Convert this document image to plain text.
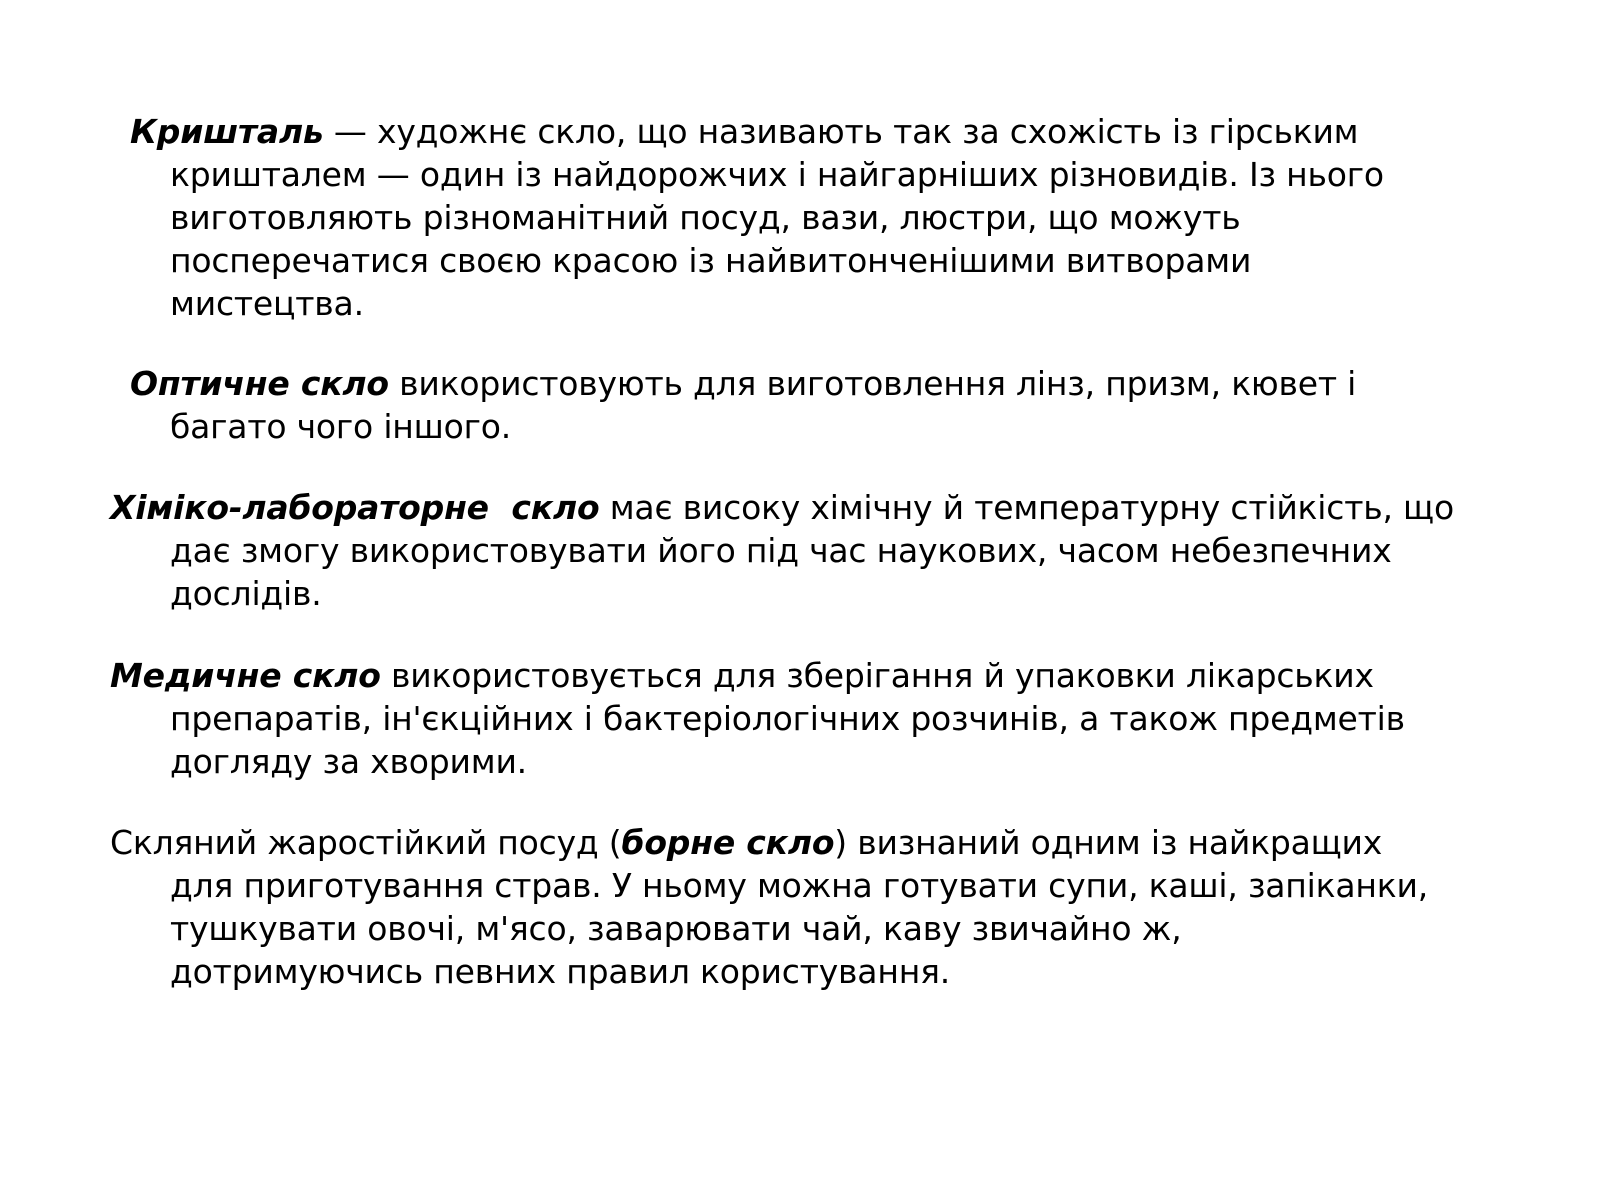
Кришталь — художнє скло, що називають так за схожість із гірським
кришталем — один із найдорожчих і найгарніших різновидів. Із нього
виготовляють різноманітний посуд, вази, люстри, що можуть
посперечатися своєю красою із найвитонченішими витворами
мистецтва.
Оптичне скло використовують для виготовлення лінз, призм, кювет і
багато чого іншого.
Хіміко-лабораторне  скло має високу хімічну й температурну стійкість, що
дає змогу використовувати його під час наукових, часом небезпечних
дослідів.
Медичне скло використовується для зберігання й упаковки лікарських
препаратів, ін'єкційних і бактеріологічних розчинів, а також предметів
догляду за хворими.
Скляний жаростійкий посуд (борне скло) визнаний одним із найкращих
для приготування страв. У ньому можна готувати супи, каші, запіканки,
тушкувати овочі, м'ясо, заварювати чай, каву звичайно ж,
дотримуючись певних правил користування.
